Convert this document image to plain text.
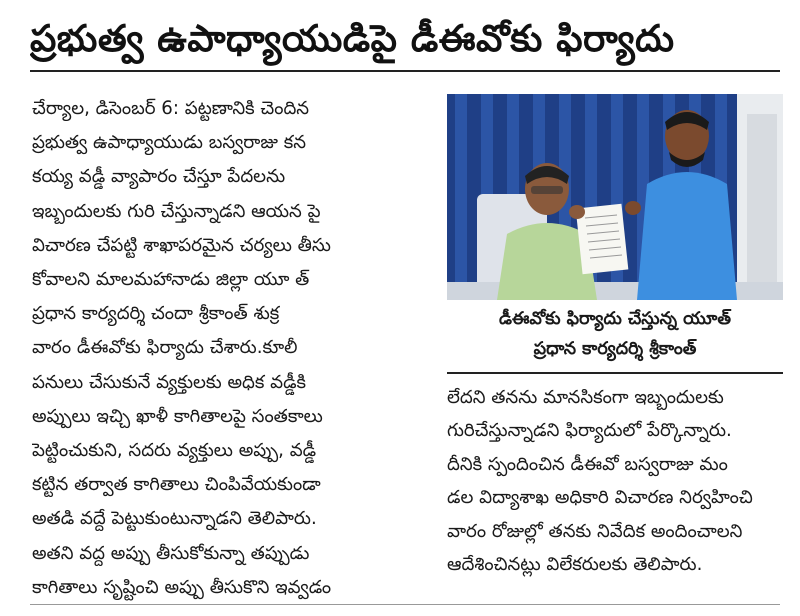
ప్రభుత్వ ఉపాధ్యాయుడిపై డీఈవోకు ఫిర్యాదు

చేర్యాల, డిసెంబర్ 6: పట్టణానికి చెందిన

ప్రభుత్వ ఉపాధ్యాయుడు బస్వరాజు కన

కయ్య వడ్డీ వ్యాపారం చేస్తూ పేదలను

ఇబ్బందులకు గురి చేస్తున్నాడని ఆయన పై

విచారణ చేపట్టి శాఖాపరమైన చర్యలు తీసు

కోవాలని మాలమహానాడు జిల్లా యూ త్

ప్రధాన కార్యదర్శి చందా శ్రీకాంత్ శుక్ర

వారం డీఈవోకు ఫిర్యాదు చేశారు.కూలీ

పనులు చేసుకునే వ్యక్తులకు అధిక వడ్డీకి

అప్పులు ఇచ్చి ఖాళీ కాగితాలపై సంతకాలు

పెట్టించుకుని, సదరు వ్యక్తులు అప్పు, వడ్డీ

కట్టిన తర్వాత కాగితాలు చింపివేయకుండా

అతడి వద్దే పెట్టుకుంటున్నాడని తెలిపారు.

అతని వద్ద అప్పు తీసుకోకున్నా తప్పుడు

కాగితాలు సృష్టించి అప్పు తీసుకొని ఇవ్వడం

డీఈవోకు ఫిర్యాదు చేస్తున్న యూత్
ప్రధాన కార్యదర్శి శ్రీకాంత్

లేదని తనను మానసికంగా ఇబ్బందులకు

గురిచేస్తున్నాడని ఫిర్యాదులో పేర్కొన్నారు.

దీనికి స్పందించిన డీఈవో బస్వరాజు మం

డల విద్యాశాఖ అధికారి విచారణ నిర్వహించి

వారం రోజుల్లో తనకు నివేదిక అందించాలని

ఆదేశించినట్లు విలేకరులకు తెలిపారు.
